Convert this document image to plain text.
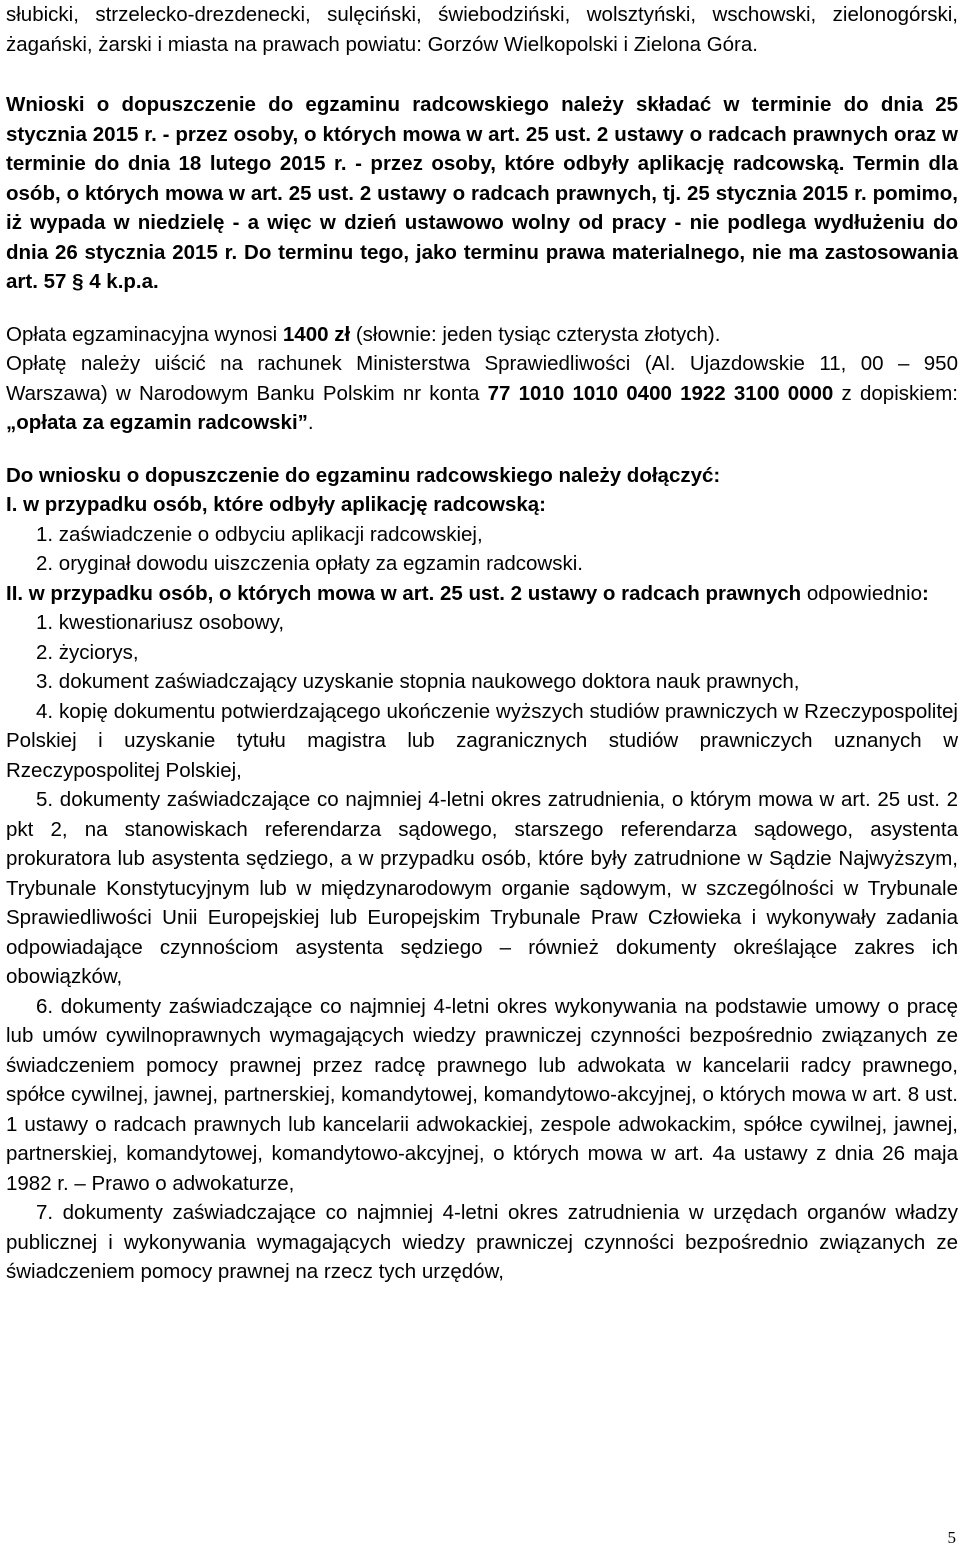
słubicki, strzelecko-drezdenecki, sulęciński, świebodziński, wolsztyński, wschowski, zielonogórski, żagański, żarski i miasta na prawach powiatu: Gorzów Wielkopolski i Zielona Góra.

Wnioski o dopuszczenie do egzaminu radcowskiego należy składać w terminie do dnia 25 stycznia 2015 r. - przez osoby, o których mowa w art. 25 ust. 2 ustawy o radcach prawnych oraz w terminie do dnia 18 lutego 2015 r. - przez osoby, które odbyły aplikację radcowską. Termin dla osób, o których mowa w art. 25 ust. 2 ustawy o radcach prawnych, tj. 25 stycznia 2015 r. pomimo, iż wypada w niedzielę - a więc w dzień ustawowo wolny od pracy - nie podlega wydłużeniu do dnia 26 stycznia 2015 r. Do terminu tego, jako terminu prawa materialnego, nie ma zastosowania art. 57 § 4 k.p.a.

Opłata egzaminacyjna wynosi 1400 zł (słownie: jeden tysiąc czterysta złotych).

Opłatę należy uiścić na rachunek Ministerstwa Sprawiedliwości (Al. Ujazdowskie 11, 00 – 950 Warszawa) w Narodowym Banku Polskim nr konta 77 1010 1010 0400 1922 3100 0000 z dopiskiem: „opłata za egzamin radcowski”.

Do wniosku o dopuszczenie do egzaminu radcowskiego należy dołączyć:

I. w przypadku osób, które odbyły aplikację radcowską:

1. zaświadczenie o odbyciu aplikacji radcowskiej,

2. oryginał dowodu uiszczenia opłaty za egzamin radcowski.

II. w przypadku osób, o których mowa w art. 25 ust. 2 ustawy o radcach prawnych odpowiednio:

1. kwestionariusz osobowy,

2. życiorys,

3. dokument zaświadczający uzyskanie stopnia naukowego doktora nauk prawnych,

4. kopię dokumentu potwierdzającego ukończenie wyższych studiów prawniczych w Rzeczypospolitej Polskiej i uzyskanie tytułu magistra lub zagranicznych studiów prawniczych uznanych w Rzeczypospolitej Polskiej,

5. dokumenty zaświadczające co najmniej 4-letni okres zatrudnienia, o którym mowa w art. 25 ust. 2 pkt 2, na stanowiskach referendarza sądowego, starszego referendarza sądowego, asystenta prokuratora lub asystenta sędziego, a w przypadku osób, które były zatrudnione w Sądzie Najwyższym, Trybunale Konstytucyjnym lub w międzynarodowym organie sądowym, w szczególności w Trybunale Sprawiedliwości Unii Europejskiej lub Europejskim Trybunale Praw Człowieka i wykonywały zadania odpowiadające czynnościom asystenta sędziego – również dokumenty określające zakres ich obowiązków,

6. dokumenty zaświadczające co najmniej 4-letni okres wykonywania na podstawie umowy o pracę lub umów cywilnoprawnych wymagających wiedzy prawniczej czynności bezpośrednio związanych ze świadczeniem pomocy prawnej przez radcę prawnego lub adwokata w kancelarii radcy prawnego, spółce cywilnej, jawnej, partnerskiej, komandytowej, komandytowo-akcyjnej, o których mowa w art. 8 ust. 1 ustawy o radcach prawnych lub kancelarii adwokackiej, zespole adwokackim, spółce cywilnej, jawnej, partnerskiej, komandytowej, komandytowo-akcyjnej, o których mowa w art. 4a ustawy z dnia 26 maja 1982 r. – Prawo o adwokaturze,

7. dokumenty zaświadczające co najmniej 4-letni okres zatrudnienia w urzędach organów władzy publicznej i wykonywania wymagających wiedzy prawniczej czynności bezpośrednio związanych ze świadczeniem pomocy prawnej na rzecz tych urzędów,

5
